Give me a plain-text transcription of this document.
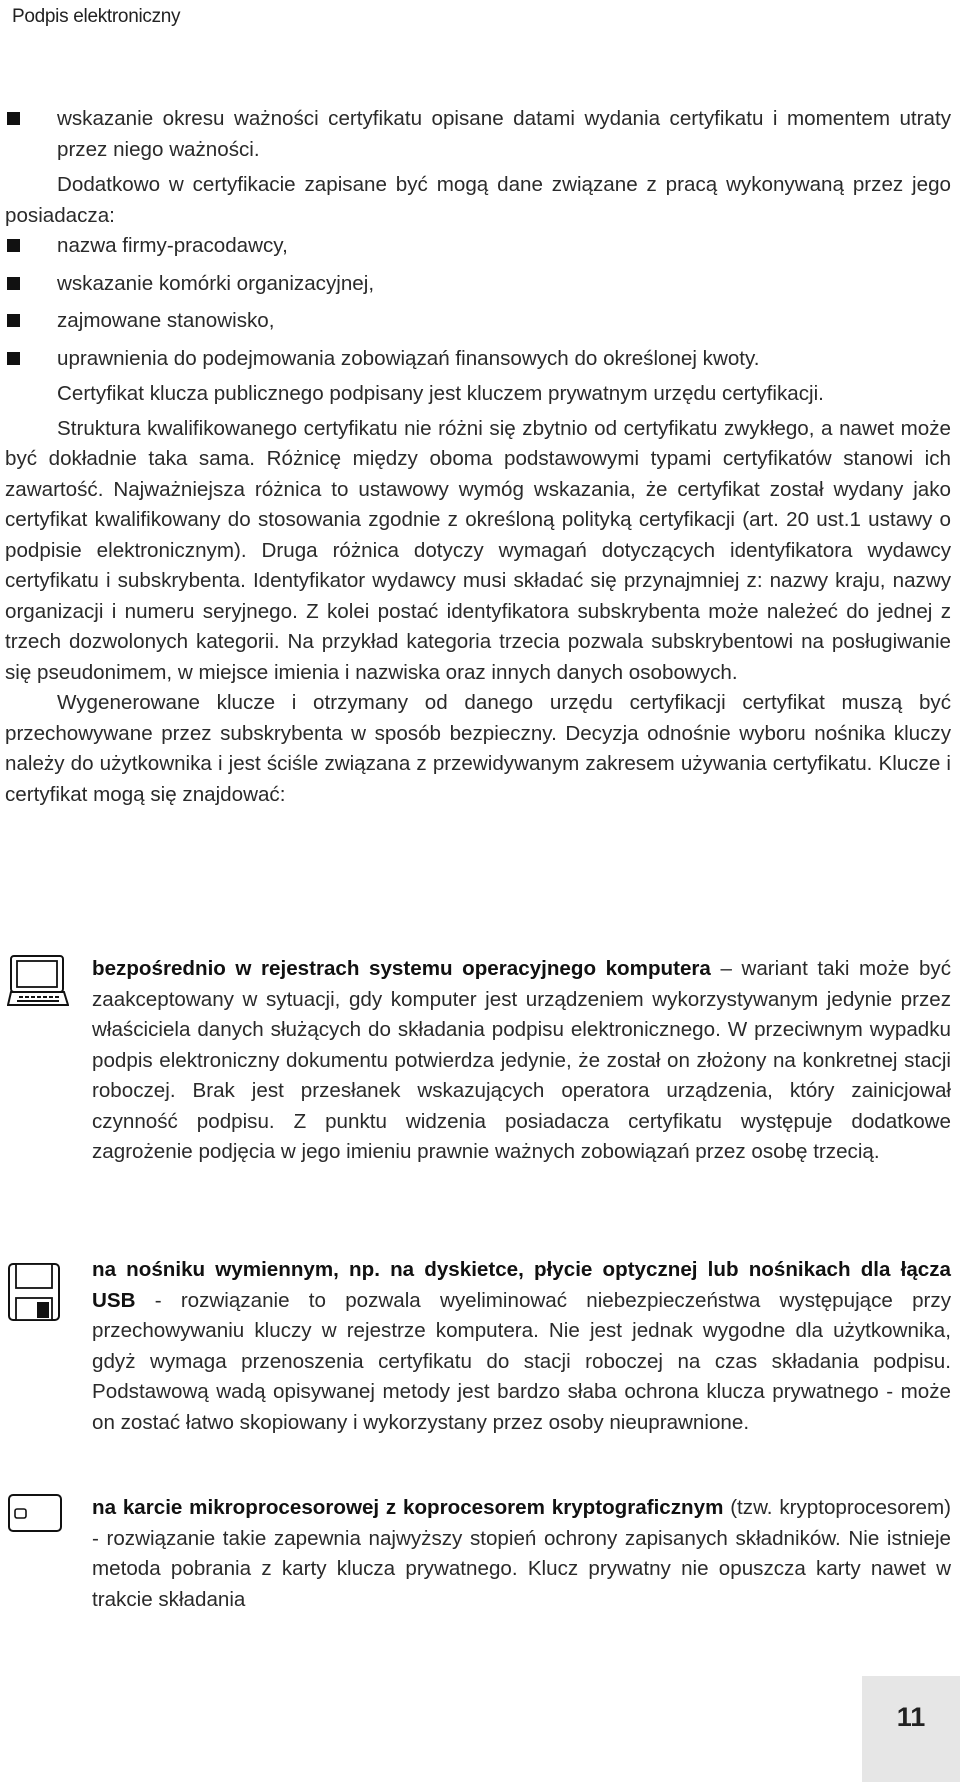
Podpis elektroniczny
wskazanie okresu ważności certyfikatu opisane datami wydania certyfikatu i momentem utraty przez niego ważności.
Dodatkowo w certyfikacie zapisane być mogą dane związane z pracą wykonywaną przez jego posiadacza:
nazwa firmy-pracodawcy,
wskazanie komórki organizacyjnej,
zajmowane stanowisko,
uprawnienia do podejmowania zobowiązań finansowych do określonej kwoty.
Certyfikat klucza publicznego podpisany jest kluczem prywatnym urzędu certyfikacji.
Struktura kwalifikowanego certyfikatu nie różni się zbytnio od certyfikatu zwykłego, a nawet może być dokładnie taka sama. Różnicę między oboma podstawowymi typami certyfikatów stanowi ich zawartość. Najważniejsza różnica to ustawowy wymóg wskazania, że certyfikat został wydany jako certyfikat kwalifikowany do stosowania zgodnie z określoną polityką certyfikacji (art. 20 ust.1 ustawy o podpisie elektronicznym). Druga różnica dotyczy wymagań dotyczących identyfikatora wydawcy certyfikatu i subskrybenta. Identyfikator wydawcy musi składać się przynajmniej z: nazwy kraju, nazwy organizacji i numeru seryjnego. Z kolei postać identyfikatora subskrybenta może należeć do jednej z trzech dozwolonych kategorii. Na przykład kategoria trzecia pozwala subskrybentowi na posługiwanie się pseudonimem, w miejsce imienia i nazwiska oraz innych danych osobowych.
Wygenerowane klucze i otrzymany od danego urzędu certyfikacji certyfikat muszą być przechowywane przez subskrybenta w sposób bezpieczny. Decyzja odnośnie wyboru nośnika kluczy należy do użytkownika i jest ściśle związana z przewidywanym zakresem używania certyfikatu. Klucze i certyfikat mogą się znajdować:
bezpośrednio w rejestrach systemu operacyjnego komputera – wariant taki może być zaakceptowany w sytuacji, gdy komputer jest urządzeniem wykorzystywanym jedynie przez właściciela danych służących do składania podpisu elektronicznego. W przeciwnym wypadku podpis elektroniczny dokumentu potwierdza jedynie, że został on złożony na konkretnej stacji roboczej. Brak jest przesłanek wskazujących operatora urządzenia, który zainicjował czynność podpisu. Z punktu widzenia posiadacza certyfikatu występuje dodatkowe zagrożenie podjęcia w jego imieniu prawnie ważnych zobowiązań przez osobę trzecią.
na nośniku wymiennym, np. na dyskietce, płycie optycznej lub nośnikach dla łącza USB - rozwiązanie to pozwala wyeliminować niebezpieczeństwa występujące przy przechowywaniu kluczy w rejestrze komputera. Nie jest jednak wygodne dla użytkownika, gdyż wymaga przenoszenia certyfikatu do stacji roboczej na czas składania podpisu. Podstawową wadą opisywanej metody jest bardzo słaba ochrona klucza prywatnego - może on zostać łatwo skopiowany i wykorzystany przez osoby nieuprawnione.
na karcie mikroprocesorowej z koprocesorem kryptograficznym (tzw. kryptoprocesorem) - rozwiązanie takie zapewnia najwyższy stopień ochrony zapisanych składników. Nie istnieje metoda pobrania z karty klucza prywatnego. Klucz prywatny nie opuszcza karty nawet w trakcie składania
11
